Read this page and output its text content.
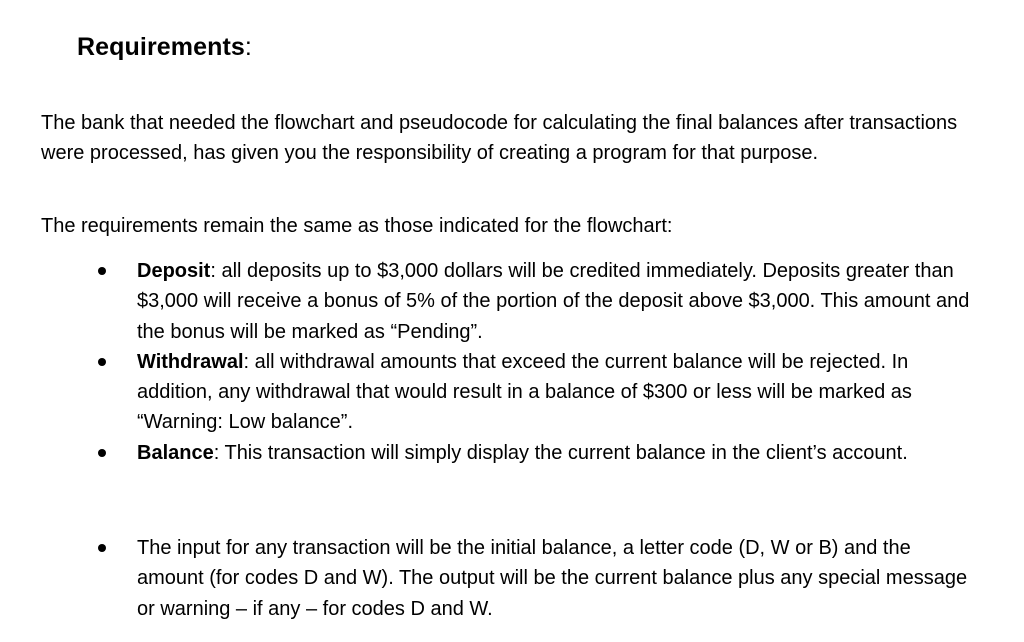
Requirements:

The bank that needed the flowchart and pseudocode for calculating the final balances after transactions were processed, has given you the responsibility of creating a program for that purpose.

The requirements remain the same as those indicated for the flowchart:

Deposit: all deposits up to $3,000 dollars will be credited immediately. Deposits greater than $3,000 will receive a bonus of 5% of the portion of the deposit above $3,000. This amount and the bonus will be marked as “Pending”.
Withdrawal: all withdrawal amounts that exceed the current balance will be rejected. In addition, any withdrawal that would result in a balance of $300 or less will be marked as “Warning: Low balance”.
Balance: This transaction will simply display the current balance in the client’s account.
The input for any transaction will be the initial balance, a letter code (D, W or B) and the amount (for codes D and W). The output will be the current balance plus any special message or warning – if any – for codes D and W.
